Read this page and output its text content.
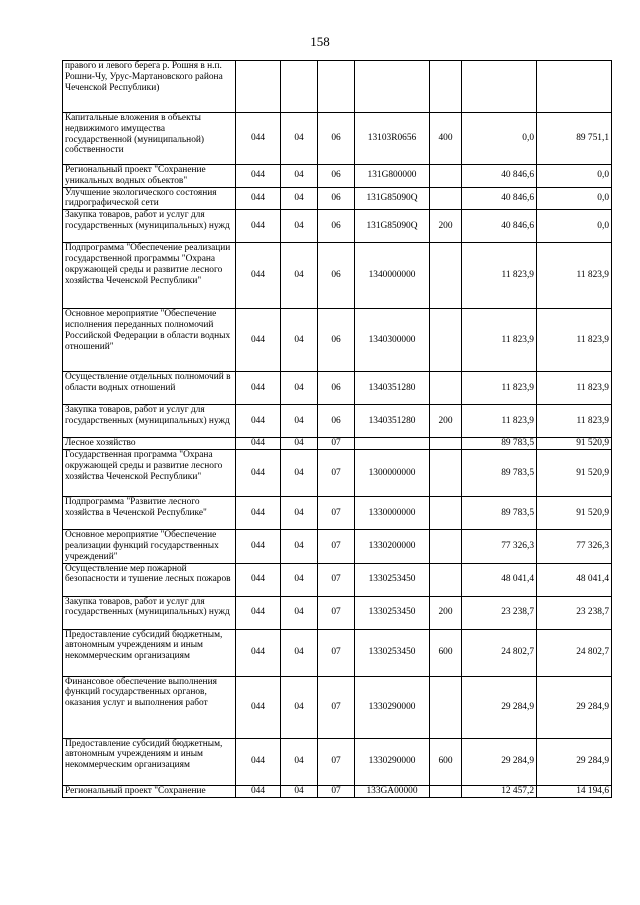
158
правого и левого берега р. Рошня в н.п. Рошни-Чу, Урус-Мартановского района Чеченской Республики)							
Капитальные вложения в объекты недвижимого имущества государственной (муниципальной) собственности	044	04	06	13103R0656	400	0,0	89 751,1
Региональный проект "Сохранение уникальных водных объектов"	044	04	06	131G800000		40 846,6	0,0
Улучшение экологического состояния гидрографической сети	044	04	06	131G85090Q		40 846,6	0,0
Закупка товаров, работ и услуг для государственных (муниципальных) нужд	044	04	06	131G85090Q	200	40 846,6	0,0
Подпрограмма "Обеспечение реализации государственной программы "Охрана окружающей среды и развитие лесного хозяйства Чеченской Республики"	044	04	06	1340000000		11 823,9	11 823,9
Основное мероприятие "Обеспечение исполнения переданных полномочий Российской Федерации в области водных отношений"	044	04	06	1340300000		11 823,9	11 823,9
Осуществление отдельных полномочий в области водных отношений	044	04	06	1340351280		11 823,9	11 823,9
Закупка товаров, работ и услуг для государственных (муниципальных) нужд	044	04	06	1340351280	200	11 823,9	11 823,9
Лесное хозяйство	044	04	07			89 783,5	91 520,9
Государственная программа "Охрана окружающей среды и развитие лесного хозяйства Чеченской Республики"	044	04	07	1300000000		89 783,5	91 520,9
Подпрограмма "Развитие лесного хозяйства в Чеченской Республике"	044	04	07	1330000000		89 783,5	91 520,9
Основное мероприятие "Обеспечение реализации функций государственных учреждений"	044	04	07	1330200000		77 326,3	77 326,3
Осуществление мер пожарной безопасности и тушение лесных пожаров	044	04	07	1330253450		48 041,4	48 041,4
Закупка товаров, работ и услуг для государственных (муниципальных) нужд	044	04	07	1330253450	200	23 238,7	23 238,7
Предоставление субсидий бюджетным, автономным учреждениям и иным некоммерческим организациям	044	04	07	1330253450	600	24 802,7	24 802,7
Финансовое обеспечение выполнения функций государственных органов, оказания услуг и выполнения работ	044	04	07	1330290000		29 284,9	29 284,9
Предоставление субсидий бюджетным, автономным учреждениям и иным некоммерческим организациям	044	04	07	1330290000	600	29 284,9	29 284,9
Региональный проект "Сохранение	044	04	07	133GA00000		12 457,2	14 194,6
